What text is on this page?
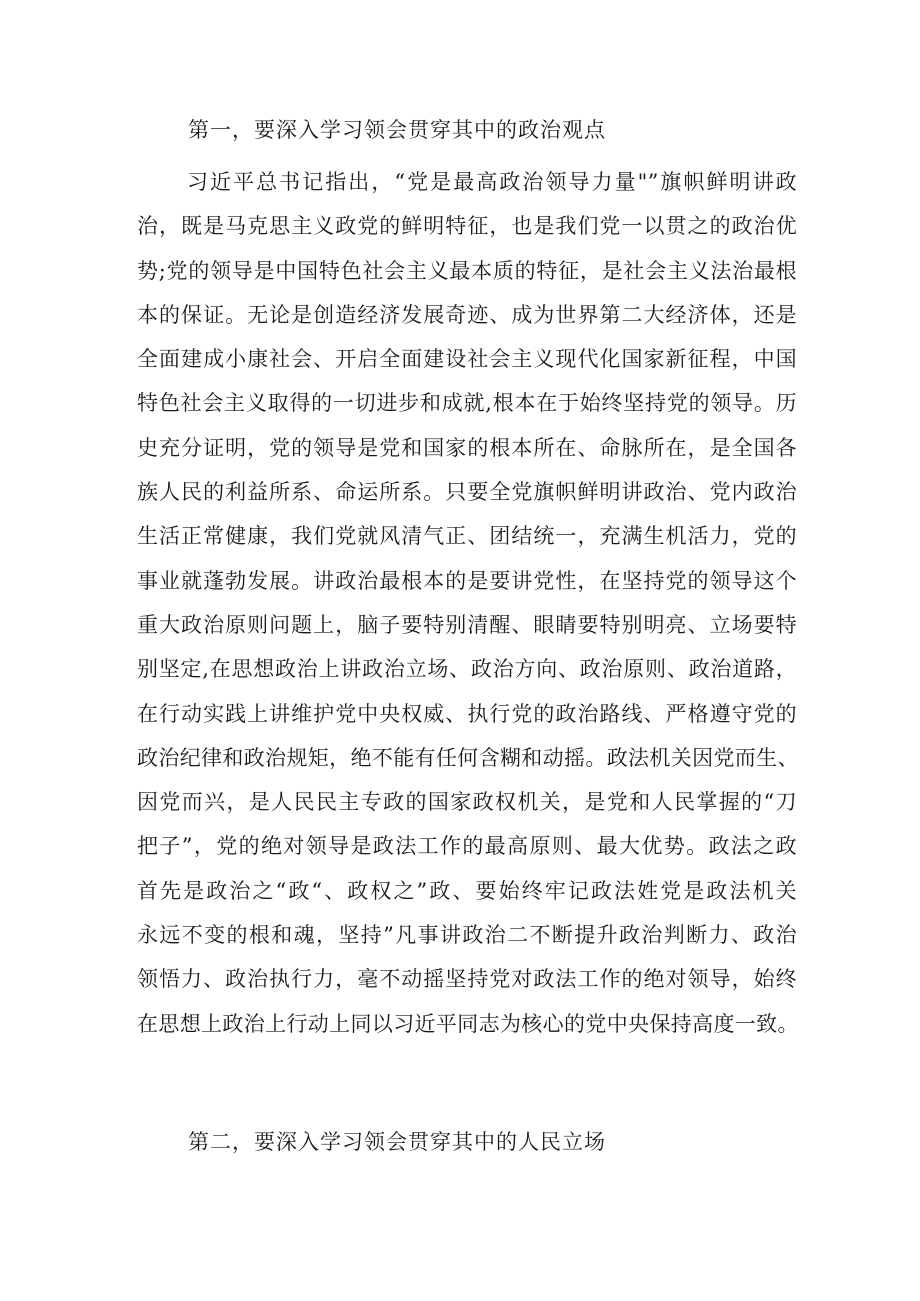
第一，要深入学习领会贯穿其中的政治观点
习近平总书记指出，“党是最高政治领导力量"”旗帜鲜明讲政
治，既是马克思主义政党的鲜明特征，也是我们党一以贯之的政治优
势;党的领导是中国特色社会主义最本质的特征，是社会主义法治最根
本的保证。无论是创造经济发展奇迹、成为世界第二大经济体，还是
全面建成小康社会、开启全面建设社会主义现代化国家新征程，中国
特色社会主义取得的一切进步和成就,根本在于始终坚持党的领导。历
史充分证明，党的领导是党和国家的根本所在、命脉所在，是全国各
族人民的利益所系、命运所系。只要全党旗帜鲜明讲政治、党内政治
生活正常健康，我们党就风清气正、团结统一，充满生机活力，党的
事业就蓬勃发展。讲政治最根本的是要讲党性，在坚持党的领导这个
重大政治原则问题上，脑子要特别清醒、眼睛要特别明亮、立场要特
别坚定,在思想政治上讲政治立场、政治方向、政治原则、政治道路，
在行动实践上讲维护党中央权威、执行党的政治路线、严格遵守党的
政治纪律和政治规矩，绝不能有任何含糊和动摇。政法机关因党而生、
因党而兴，是人民民主专政的国家政权机关，是党和人民掌握的“刀
把子”，党的绝对领导是政法工作的最高原则、最大优势。政法之政
首先是政治之“政“、政权之”政、要始终牢记政法姓党是政法机关
永远不变的根和魂，坚持”凡事讲政治二不断提升政治判断力、政治
领悟力、政治执行力，毫不动摇坚持党对政法工作的绝对领导，始终
在思想上政治上行动上同以习近平同志为核心的党中央保持高度一致。
第二，要深入学习领会贯穿其中的人民立场
